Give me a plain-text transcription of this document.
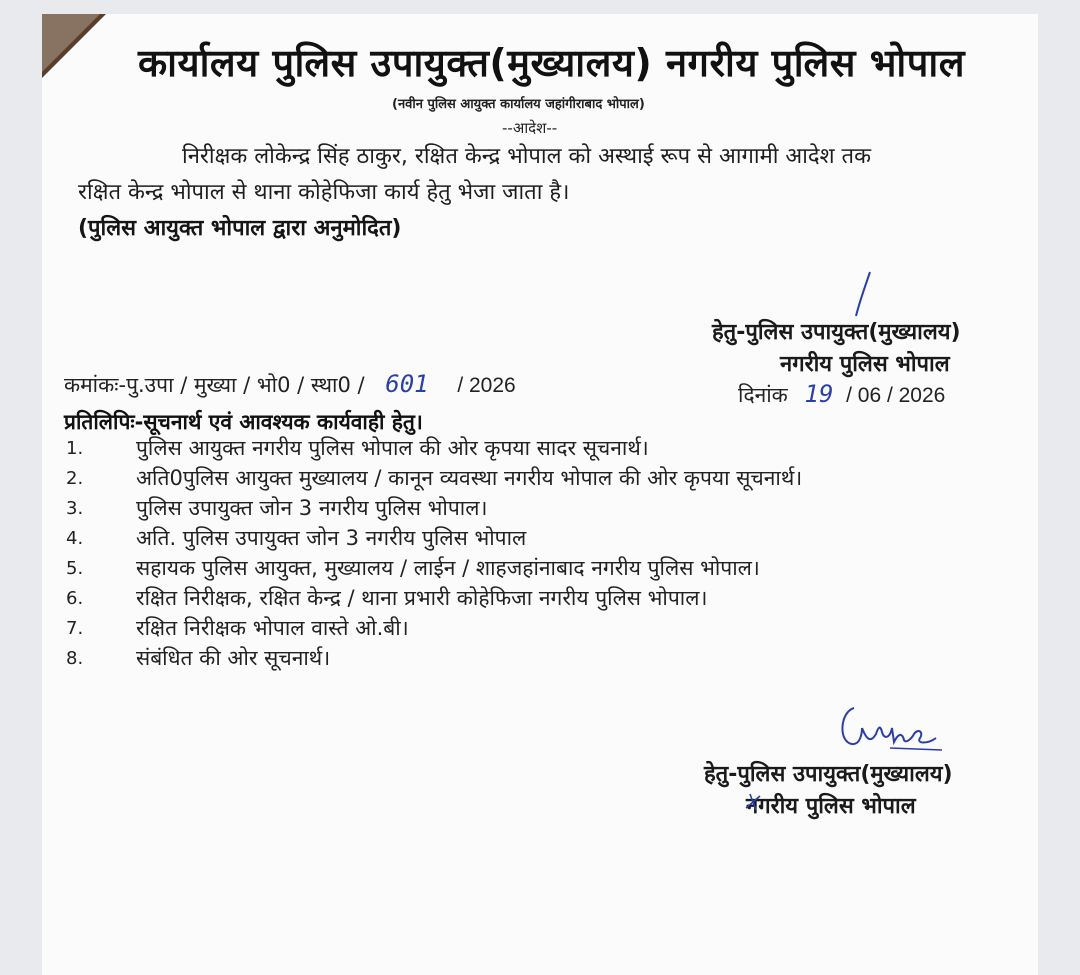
कार्यालय पुलिस उपायुक्त(मुख्यालय) नगरीय पुलिस भोपाल
(नवीन पुलिस आयुक्त कार्यालय जहांगीराबाद भोपाल)
--आदेश--
निरीक्षक लोकेन्द्र सिंह ठाकुर, रक्षित केन्द्र भोपाल को अस्थाई रूप से आगामी आदेश तक
रक्षित केन्द्र भोपाल से थाना कोहेफिजा कार्य हेतु भेजा जाता है।
(पुलिस आयुक्त भोपाल द्वारा अनुमोदित)
हेतु-पुलिस उपायुक्त(मुख्यालय)
नगरीय पुलिस भोपाल
कमांकः-पु.उपा / मुख्या / भो0 / स्था0 / 601 / 2026	दिनांक 19 / 06 / 2026
प्रतिलिपिः-सूचनार्थ एवं आवश्यक कार्यवाही हेतु।
1.	पुलिस आयुक्त नगरीय पुलिस भोपाल की ओर कृपया सादर सूचनार्थ।
2.	अति0पुलिस आयुक्त मुख्यालय / कानून व्यवस्था नगरीय भोपाल की ओर कृपया सूचनार्थ।
3.	पुलिस उपायुक्त जोन 3 नगरीय पुलिस भोपाल।
4.	अति. पुलिस उपायुक्त जोन 3 नगरीय पुलिस भोपाल
5.	सहायक पुलिस आयुक्त, मुख्यालय / लाईन / शाहजहांनाबाद नगरीय पुलिस भोपाल।
6.	रक्षित निरीक्षक, रक्षित केन्द्र / थाना प्रभारी कोहेफिजा नगरीय पुलिस भोपाल।
7.	रक्षित निरीक्षक भोपाल वास्ते ओ.बी।
8.	संबंधित की ओर सूचनार्थ।
हेतु-पुलिस उपायुक्त(मुख्यालय)
नगरीय पुलिस भोपाल
